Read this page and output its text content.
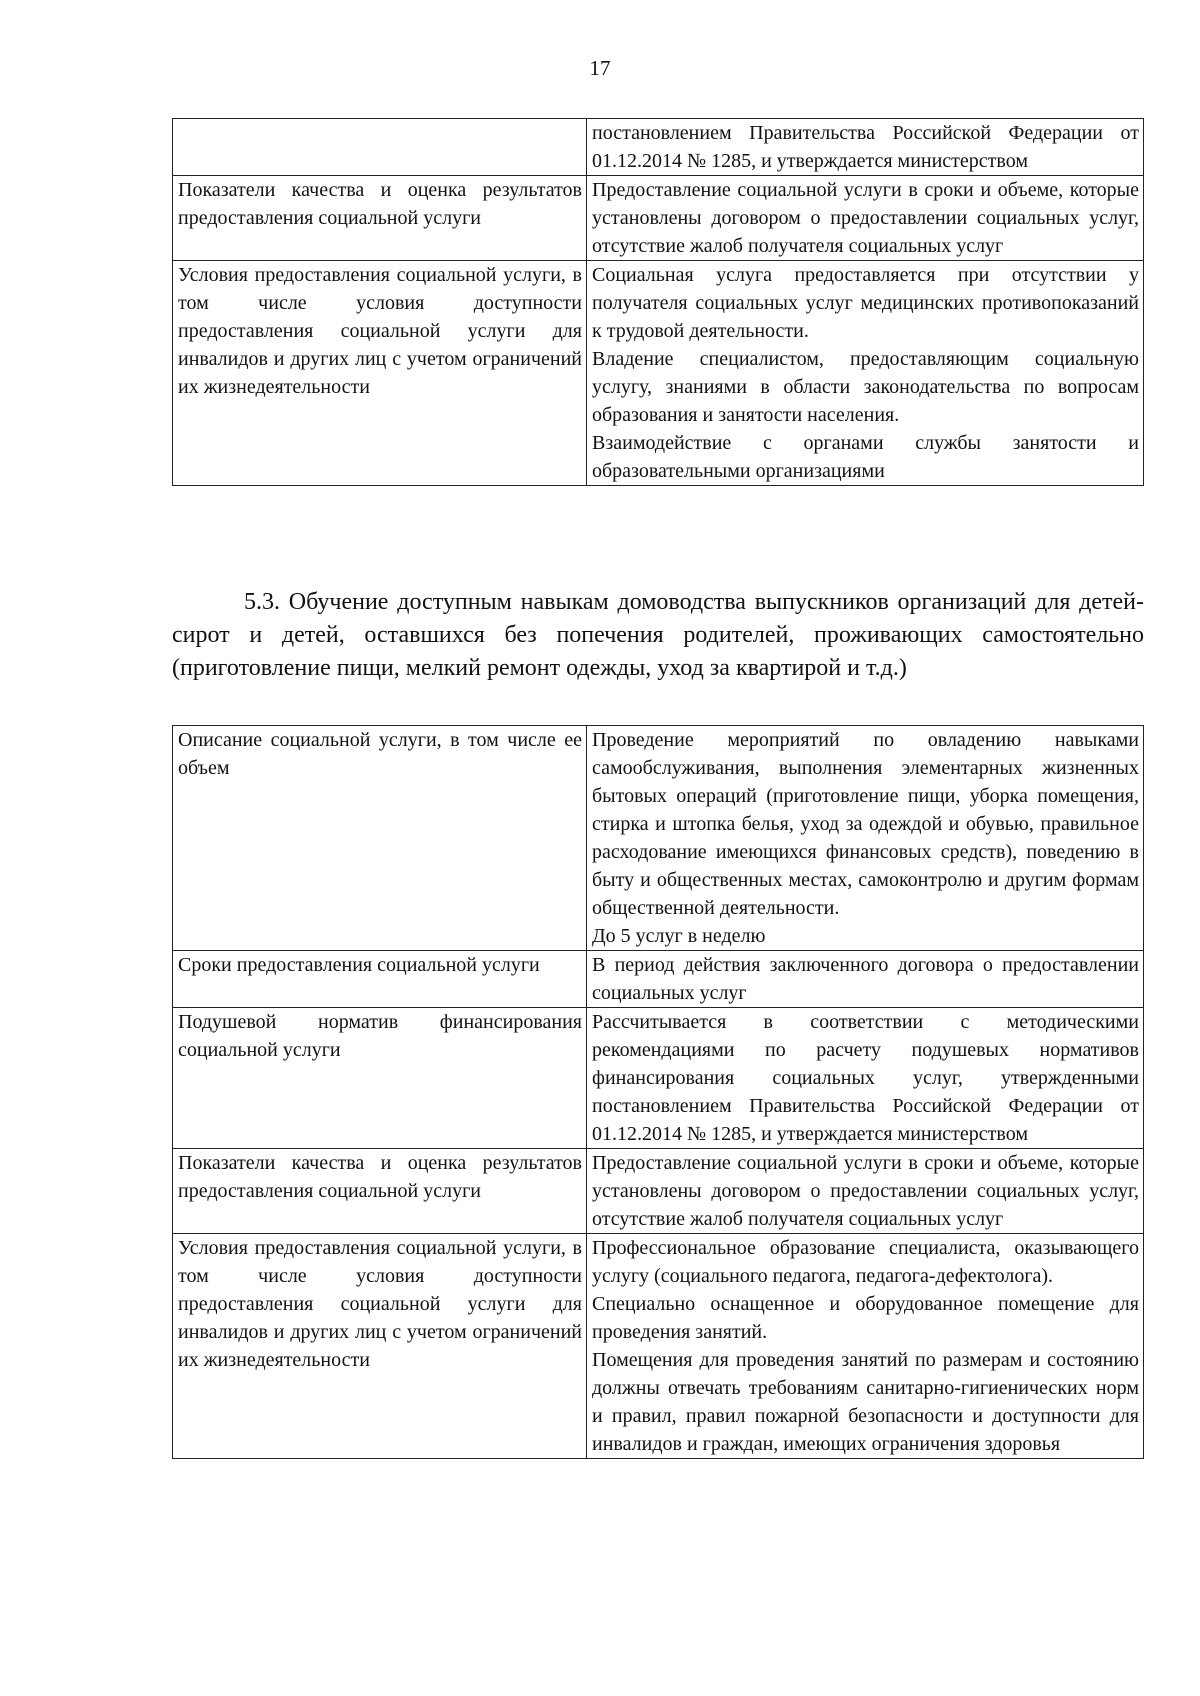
17

	постановлением Правительства Российской Федерации от 01.12.2014 № 1285, и утверждается министерством

Показатели качества и оценка результатов предоставления социальной услуги	Предоставление социальной услуги в сроки и объеме, которые установлены договором о предоставлении социальных услуг, отсутствие жалоб получателя социальных услуг

Условия предоставления социальной услуги, в том числе условия доступности предоставления социальной услуги для инвалидов и других лиц с учетом ограничений их жизнедеятельности	Социальная услуга предоставляется при отсутствии у получателя социальных услуг медицинских противопоказаний к трудовой деятельности.
Владение специалистом, предоставляющим социальную услугу, знаниями в области законодательства по вопросам образования и занятости населения.
Взаимодействие с органами службы занятости и образовательными организациями
5.3. Обучение доступным навыкам домоводства выпускников организаций для детей-сирот и детей, оставшихся без попечения родителей, проживающих самостоятельно (приготовление пищи, мелкий ремонт одежды, уход за квартирой и т.д.)
Описание социальной услуги, в том числе ее объем	Проведение мероприятий по овладению навыками самообслуживания, выполнения элементарных жизненных бытовых операций (приготовление пищи, уборка помещения, стирка и штопка белья, уход за одеждой и обувью, правильное расходование имеющихся финансовых средств), поведению в быту и общественных местах, самоконтролю и другим формам общественной деятельности.
До 5 услуг в неделю

Сроки предоставления социальной услуги	В период действия заключенного договора о предоставлении социальных услуг

Подушевой норматив финансирования социальной услуги	Рассчитывается в соответствии с методическими рекомендациями по расчету подушевых нормативов финансирования социальных услуг, утвержденными постановлением Правительства Российской Федерации от 01.12.2014 № 1285, и утверждается министерством

Показатели качества и оценка результатов предоставления социальной услуги	Предоставление социальной услуги в сроки и объеме, которые установлены договором о предоставлении социальных услуг, отсутствие жалоб получателя социальных услуг

Условия предоставления социальной услуги, в том числе условия доступности предоставления социальной услуги для инвалидов и других лиц с учетом ограничений их жизнедеятельности	Профессиональное образование специалиста, оказывающего услугу (социального педагога, педагога-дефектолога).
Специально оснащенное и оборудованное помещение для проведения занятий.
Помещения для проведения занятий по размерам и состоянию должны отвечать требованиям санитарно-гигиенических норм и правил, правил пожарной безопасности и доступности для инвалидов и граждан, имеющих ограничения здоровья
